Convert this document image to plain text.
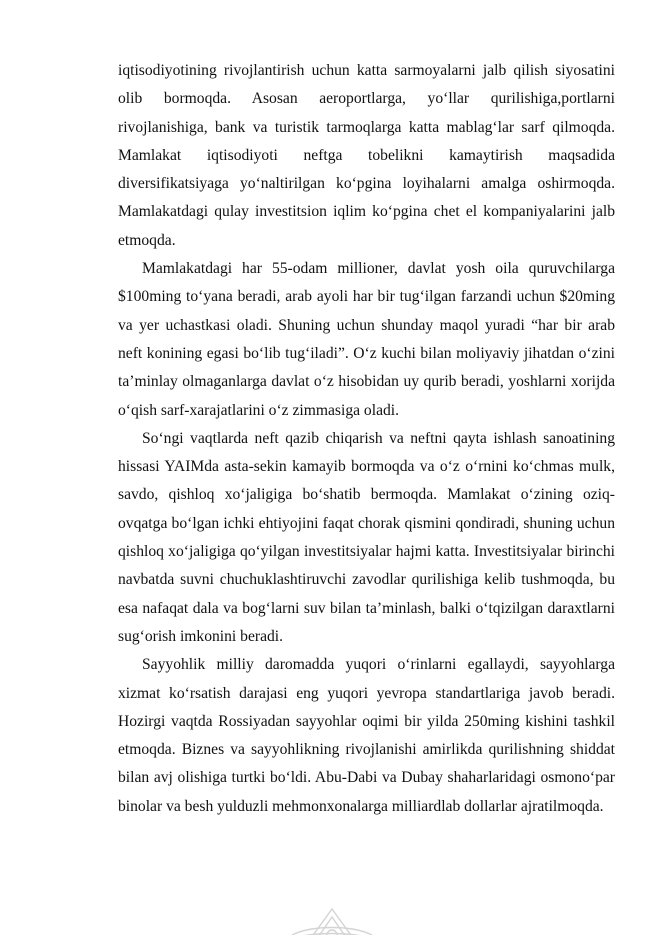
iqtisodiyotining rivojlantirish uchun katta sarmoyalarni jalb qilish siyosatini olib bormoqda. Asosan aeroportlarga, yo‘llar qurilishiga,portlarni rivojlanishiga, bank va turistik tarmoqlarga katta mablag‘lar sarf qilmoqda. Mamlakat iqtisodiyoti neftga tobelikni kamaytirish maqsadida diversifikatsiyaga yo‘naltirilgan ko‘pgina loyihalarni amalga oshirmoqda. Mamlakatdagi qulay investitsion iqlim ko‘pgina chet el kompaniyalarini jalb etmoqda.

Mamlakatdagi har 55-odam millioner, davlat yosh oila quruvchilarga $100ming to‘yana beradi, arab ayoli har bir tug‘ilgan farzandi uchun $20ming va yer uchastkasi oladi. Shuning uchun shunday maqol yuradi “har bir arab neft konining egasi bo‘lib tug‘iladi”. O‘z kuchi bilan moliyaviy jihatdan o‘zini ta’minlay olmaganlarga davlat o‘z hisobidan uy qurib beradi, yoshlarni xorijda o‘qish sarf-xarajatlarini o‘z zimmasiga oladi.

So‘ngi vaqtlarda neft qazib chiqarish va neftni qayta ishlash sanoatining hissasi YAIMda asta-sekin kamayib bormoqda va o‘z o‘rnini ko‘chmas mulk, savdo, qishloq xo‘jaligiga bo‘shatib bermoqda. Mamlakat o‘zining oziq-ovqatga bo‘lgan ichki ehtiyojini faqat chorak qismini qondiradi, shuning uchun qishloq xo‘jaligiga qo‘yilgan investitsiyalar hajmi katta. Investitsiyalar birinchi navbatda suvni chuchuklashtiruvchi zavodlar qurilishiga kelib tushmoqda, bu esa nafaqat dala va bog‘larni suv bilan ta’minlash, balki o‘tqizilgan daraxtlarni sug‘orish imkonini beradi.

Sayyohlik milliy daromadda yuqori o‘rinlarni egallaydi, sayyohlarga xizmat ko‘rsatish darajasi eng yuqori yevropa standartlariga javob beradi. Hozirgi vaqtda Rossiyadan sayyohlar oqimi bir yilda 250ming kishini tashkil etmoqda. Biznes va sayyohlikning rivojlanishi amirlikda qurilishning shiddat bilan avj olishiga turtki bo‘ldi. Abu-Dabi va Dubay shaharlaridagi osmono‘par binolar va besh yulduzli mehmonxonalarga milliardlab dollarlar ajratilmoqda.
